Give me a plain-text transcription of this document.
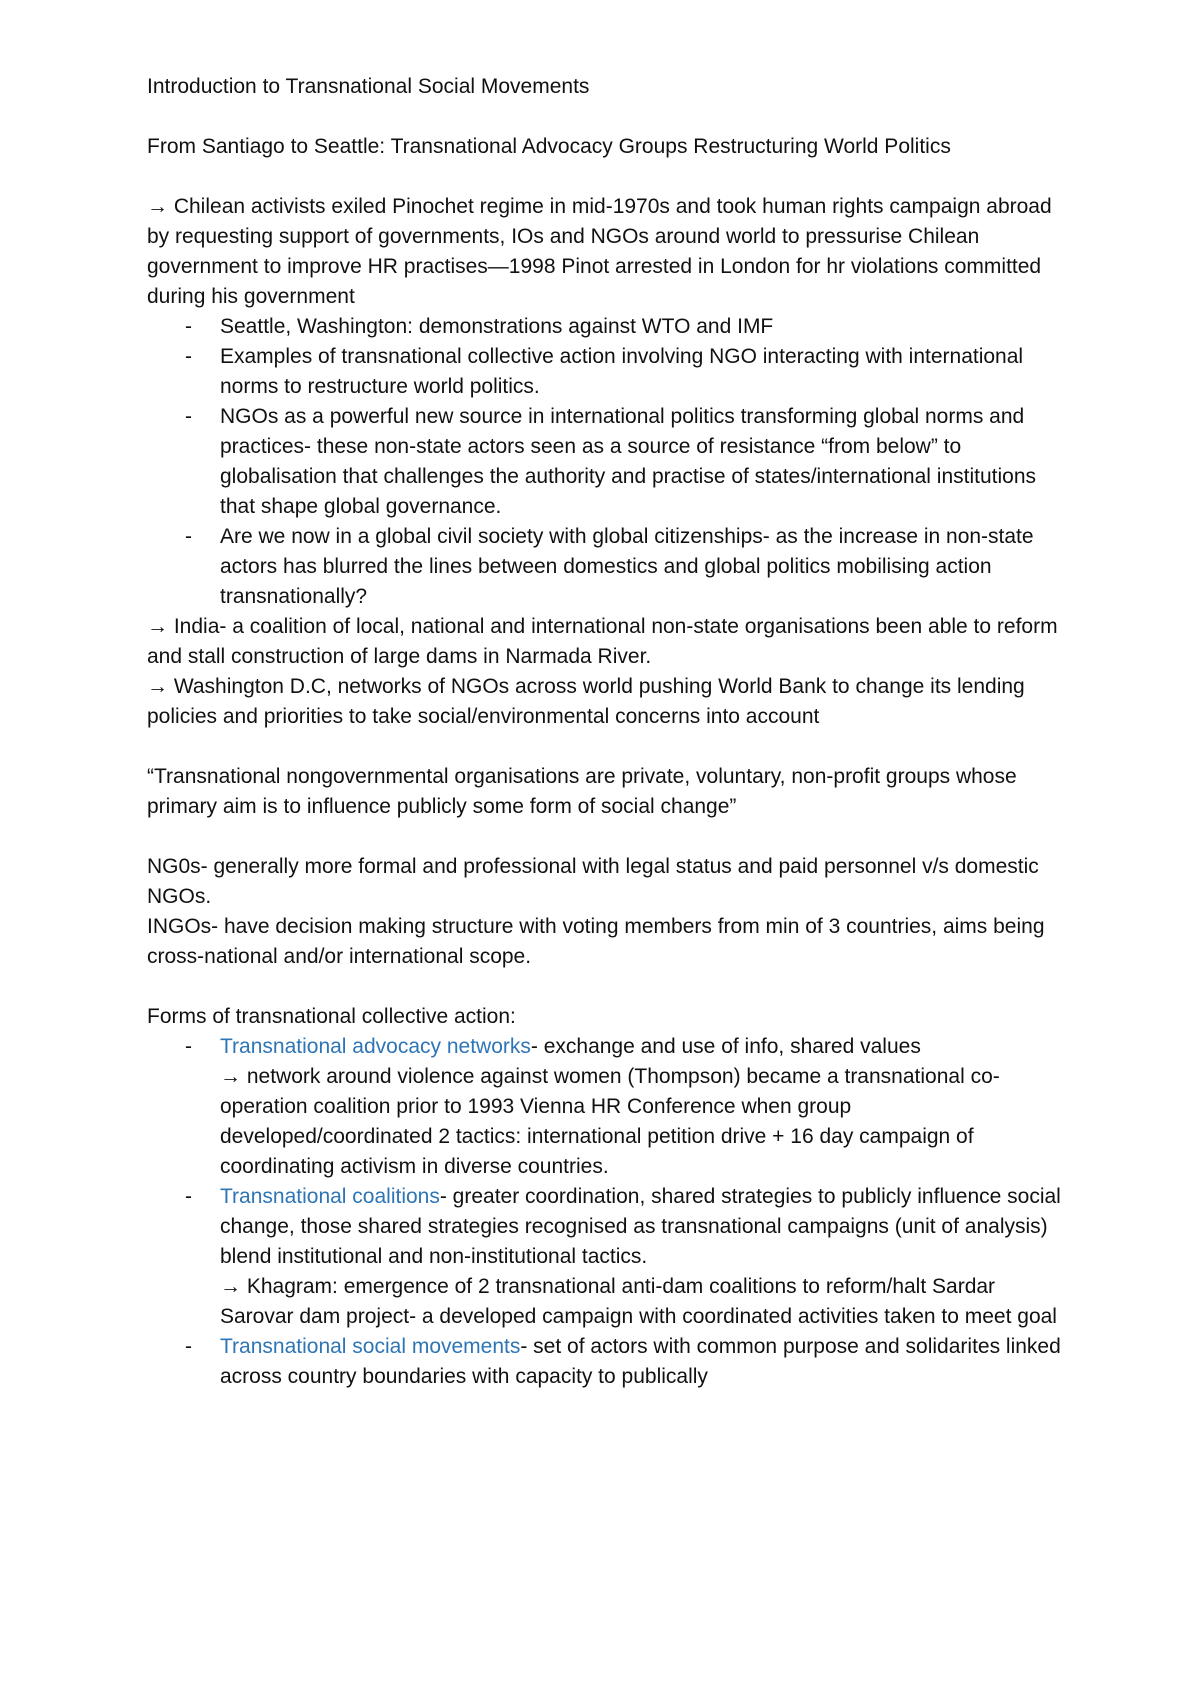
Introduction to Transnational Social Movements

From Santiago to Seattle: Transnational Advocacy Groups Restructuring World Politics

→ Chilean activists exiled Pinochet regime in mid-1970s and took human rights campaign abroad by requesting support of governments, IOs and NGOs around world to pressurise Chilean government to improve HR practises—1998 Pinot arrested in London for hr violations committed during his government

- Seattle, Washington: demonstrations against WTO and IMF
- Examples of transnational collective action involving NGO interacting with international norms to restructure world politics.
- NGOs as a powerful new source in international politics transforming global norms and practices- these non-state actors seen as a source of resistance “from below” to globalisation that challenges the authority and practise of states/international institutions that shape global governance.
- Are we now in a global civil society with global citizenships- as the increase in non-state actors has blurred the lines between domestics and global politics mobilising action transnationally?

→ India- a coalition of local, national and international non-state organisations been able to reform and stall construction of large dams in Narmada River.

→ Washington D.C, networks of NGOs across world pushing World Bank to change its lending policies and priorities to take social/environmental concerns into account

“Transnational nongovernmental organisations are private, voluntary, non-profit groups whose primary aim is to influence publicly some form of social change”

NG0s- generally more formal and professional with legal status and paid personnel v/s domestic NGOs.

INGOs- have decision making structure with voting members from min of 3 countries, aims being cross-national and/or international scope.

Forms of transnational collective action:

- Transnational advocacy networks- exchange and use of info, shared values
→ network around violence against women (Thompson) became a transnational co-operation coalition prior to 1993 Vienna HR Conference when group developed/coordinated 2 tactics: international petition drive + 16 day campaign of coordinating activism in diverse countries.
- Transnational coalitions- greater coordination, shared strategies to publicly influence social change, those shared strategies recognised as transnational campaigns (unit of analysis) blend institutional and non-institutional tactics.
→ Khagram: emergence of 2 transnational anti-dam coalitions to reform/halt Sardar Sarovar dam project- a developed campaign with coordinated activities taken to meet goal
- Transnational social movements- set of actors with common purpose and solidarites linked across country boundaries with capacity to publically
